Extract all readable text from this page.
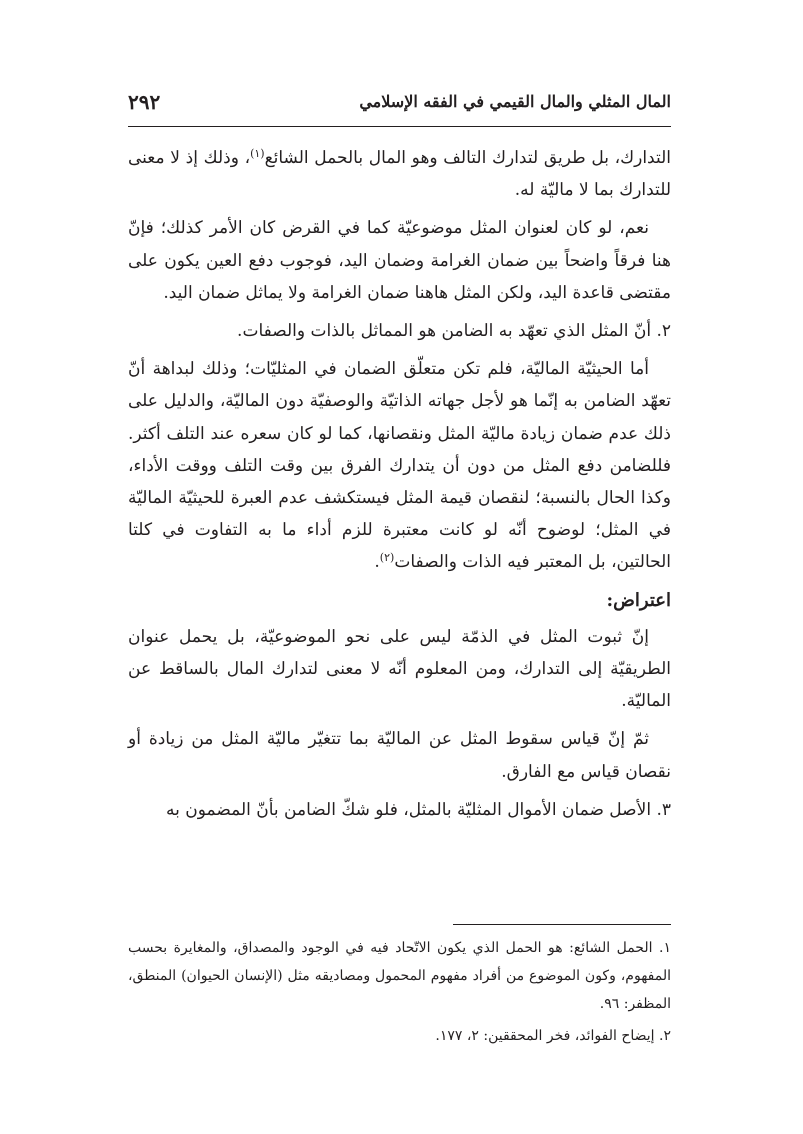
المال المثلي والمال القيمي في الفقه الإسلامي
٢٩٢

التدارك، بل طريق لتدارك التالف وهو المال بالحمل الشائع$^{(١)}$، وذلك إذ لا معنى للتدارك بما لا ماليّة له.

نعم، لو كان لعنوان المثل موضوعيّة كما في القرض كان الأمر كذلك؛ فإنّ هنا فرقاً واضحاً بين ضمان الغرامة وضمان اليد، فوجوب دفع العين يكون على مقتضى قاعدة اليد، ولكن المثل هاهنا ضمان الغرامة ولا يماثل ضمان اليد.

٢. أنّ المثل الذي تعهّد به الضامن هو المماثل بالذات والصفات.

أما الحيثيّة الماليّة، فلم تكن متعلّق الضمان في المثليّات؛ وذلك لبداهة أنّ تعهّد الضامن به إنّما هو لأجل جهاته الذاتيّة والوصفيّة دون الماليّة، والدليل على ذلك عدم ضمان زيادة ماليّة المثل ونقصانها، كما لو كان سعره عند التلف أكثر. فللضامن دفع المثل من دون أن يتدارك الفرق بين وقت التلف ووقت الأداء، وكذا الحال بالنسبة؛ لنقصان قيمة المثل فيستكشف عدم العبرة للحيثيّة الماليّة في المثل؛ لوضوح أنّه لو كانت معتبرة للزم أداء ما به التفاوت في كلتا الحالتين، بل المعتبر فيه الذات والصفات$^{(٢)}$.

اعتراض:

إنّ ثبوت المثل في الذمّة ليس على نحو الموضوعيّة، بل يحمل عنوان الطريقيّة إلى التدارك، ومن المعلوم أنّه لا معنى لتدارك المال بالساقط عن الماليّة.

ثمّ إنّ قياس سقوط المثل عن الماليّة بما تتغيّر ماليّة المثل من زيادة أو نقصان قياس مع الفارق.

٣. الأصل ضمان الأموال المثليّة بالمثل، فلو شكّ الضامن بأنّ المضمون به

١. الحمل الشائع: هو الحمل الذي يكون الاتّحاد فيه في الوجود والمصداق، والمغايرة بحسب المفهوم، وكون الموضوع من أفراد مفهوم المحمول ومصاديقه مثل (الإنسان الحيوان) المنطق، المظفر: ٩٦.

٢. إيضاح الفوائد، فخر المحققين: ٢، ١٧٧.
